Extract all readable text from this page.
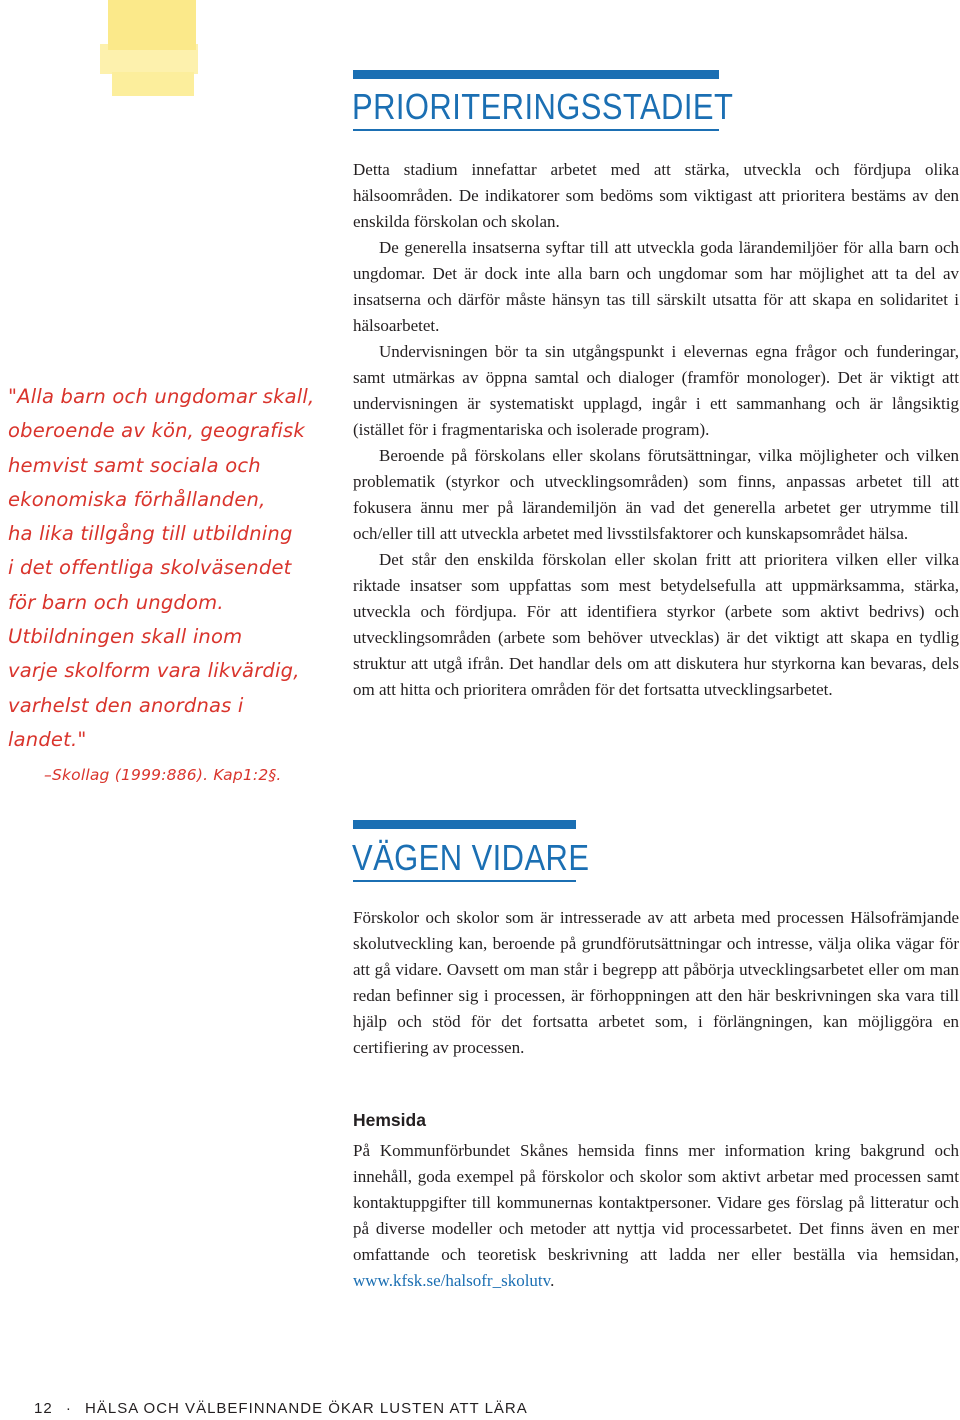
"Alla barn och ungdomar skall,
oberoende av kön, geografisk
hemvist samt sociala och
ekonomiska förhållanden,
ha lika tillgång till utbildning
i det offentliga skolväsendet
för barn och ungdom.
Utbildningen skall inom
varje skolform vara likvärdig,
varhelst den anordnas i
landet."
–Skollag (1999:886). Kap1:2§.
PRIORITERINGSSTADIET

Detta stadium innefattar arbetet med att stärka, utveckla och fördjupa olika hälsoområden. De indikatorer som bedöms som viktigast att prioritera bestäms av den enskilda förskolan och skolan.

De generella insatserna syftar till att utveckla goda lärandemiljöer för alla barn och ungdomar. Det är dock inte alla barn och ungdomar som har möjlighet att ta del av insatserna och därför måste hänsyn tas till särskilt utsatta för att skapa en solidaritet i hälsoarbetet.

Undervisningen bör ta sin utgångspunkt i elevernas egna frågor och funderingar, samt utmärkas av öppna samtal och dialoger (framför monologer). Det är viktigt att undervisningen är systematiskt upplagd, ingår i ett sammanhang och är långsiktig (istället för i fragmentariska och isolerade program).

Beroende på förskolans eller skolans förutsättningar, vilka möjligheter och vilken problematik (styrkor och utvecklingsområden) som finns, anpassas arbetet till att fokusera ännu mer på lärandemiljön än vad det generella arbetet ger utrymme till och/eller till att utveckla arbetet med livsstilsfaktorer och kunskapsområdet hälsa.

Det står den enskilda förskolan eller skolan fritt att prioritera vilken eller vilka riktade insatser som uppfattas som mest betydelsefulla att uppmärksamma, stärka, utveckla och fördjupa. För att identifiera styrkor (arbete som aktivt bedrivs) och utvecklingsområden (arbete som behöver utvecklas) är det viktigt att skapa en tydlig struktur att utgå ifrån. Det handlar dels om att diskutera hur styrkorna kan bevaras, dels om att hitta och prioritera områden för det fortsatta utvecklingsarbetet.

VÄGEN VIDARE

Förskolor och skolor som är intresserade av att arbeta med processen Hälsofrämjande skolutveckling kan, beroende på grundförutsättningar och intresse, välja olika vägar för att gå vidare. Oavsett om man står i begrepp att påbörja utvecklingsarbetet eller om man redan befinner sig i processen, är förhoppningen att den här beskrivningen ska vara till hjälp och stöd för det fortsatta arbetet som, i förlängningen, kan möjliggöra en certifiering av processen.

Hemsida

På Kommunförbundet Skånes hemsida finns mer information kring bakgrund och innehåll, goda exempel på förskolor och skolor som aktivt arbetar med processen samt kontaktuppgifter till kommunernas kontaktpersoner. Vidare ges förslag på litteratur och på diverse modeller och metoder att nyttja vid processarbetet. Det finns även en mer omfattande och teoretisk beskrivning att ladda ner eller beställa via hemsidan, www.kfsk.se/halsofr_skolutv.

12 · HÄLSA OCH VÄLBEFINNANDE ÖKAR LUSTEN ATT LÄRA
